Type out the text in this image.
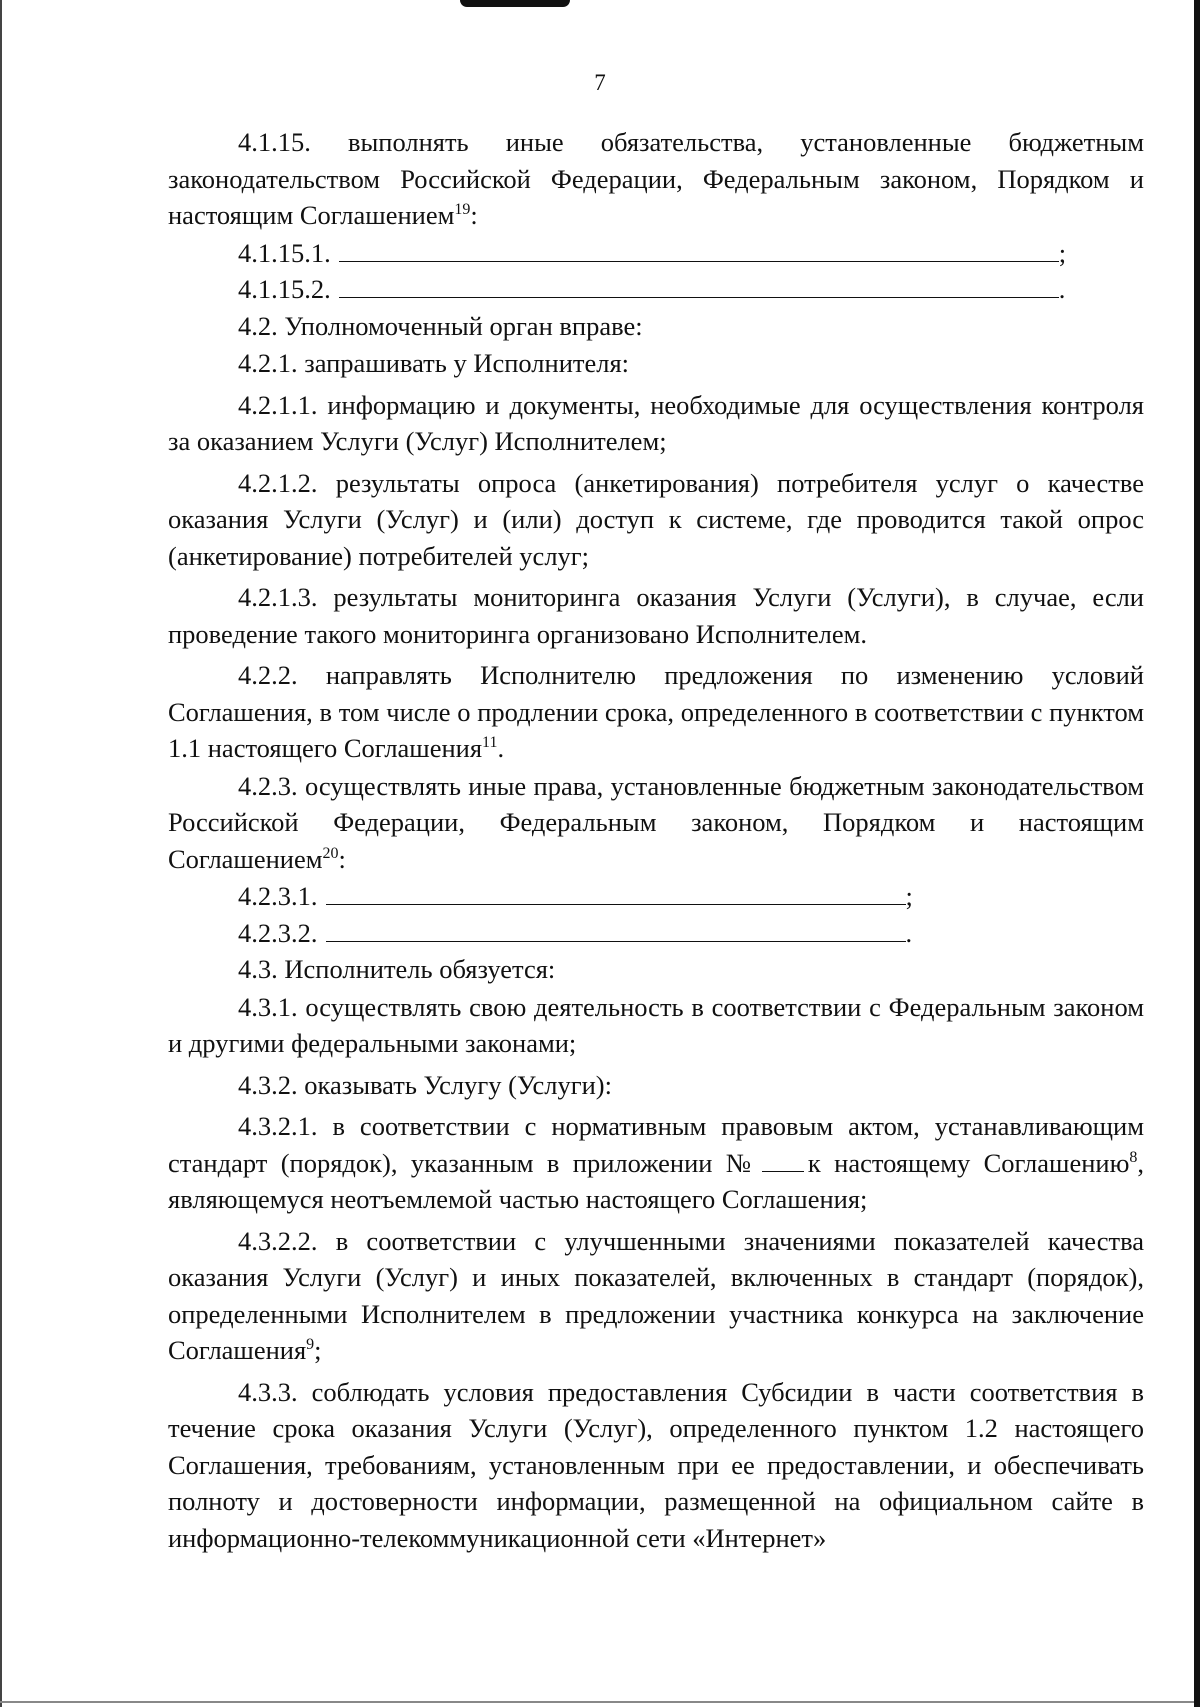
7

4.1.15. выполнять иные обязательства, установленные бюджетным законодательством Российской Федерации, Федеральным законом, Порядком и настоящим Соглашением$^{19}$:

4.1.15.1.	;

4.1.15.2.	.

4.2. Уполномоченный орган вправе:

4.2.1. запрашивать у Исполнителя:

4.2.1.1. информацию и документы, необходимые для осуществления контроля за оказанием Услуги (Услуг) Исполнителем;

4.2.1.2. результаты опроса (анкетирования) потребителя услуг о качестве оказания Услуги (Услуг) и (или) доступ к системе, где проводится такой опрос (анкетирование) потребителей услуг;

4.2.1.3. результаты мониторинга оказания Услуги (Услуги), в случае, если проведение такого мониторинга организовано Исполнителем.

4.2.2. направлять Исполнителю предложения по изменению условий Соглашения, в том числе о продлении срока, определенного в соответствии с пунктом 1.1 настоящего Соглашения$^{11}$.

4.2.3. осуществлять иные права, установленные бюджетным законодательством Российской Федерации, Федеральным законом, Порядком и настоящим Соглашением$^{20}$:

4.2.3.1.	;

4.2.3.2.	.

4.3. Исполнитель обязуется:

4.3.1. осуществлять свою деятельность в соответствии с Федеральным законом и другими федеральными законами;

4.3.2. оказывать Услугу (Услуги):

4.3.2.1. в соответствии с нормативным правовым актом, устанавливающим стандарт (порядок), указанным в приложении № к настоящему Соглашению$^8$, являющемуся неотъемлемой частью настоящего Соглашения;

4.3.2.2. в соответствии с улучшенными значениями показателей качества оказания Услуги (Услуг) и иных показателей, включенных в стандарт (порядок), определенными Исполнителем в предложении участника конкурса на заключение Соглашения$^9$;

4.3.3. соблюдать условия предоставления Субсидии в части соответствия в течение срока оказания Услуги (Услуг), определенного пунктом 1.2 настоящего Соглашения, требованиям, установленным при ее предоставлении, и обеспечивать полноту и достоверности информации, размещенной на официальном сайте в информационно-телекоммуникационной сети «Интернет»
